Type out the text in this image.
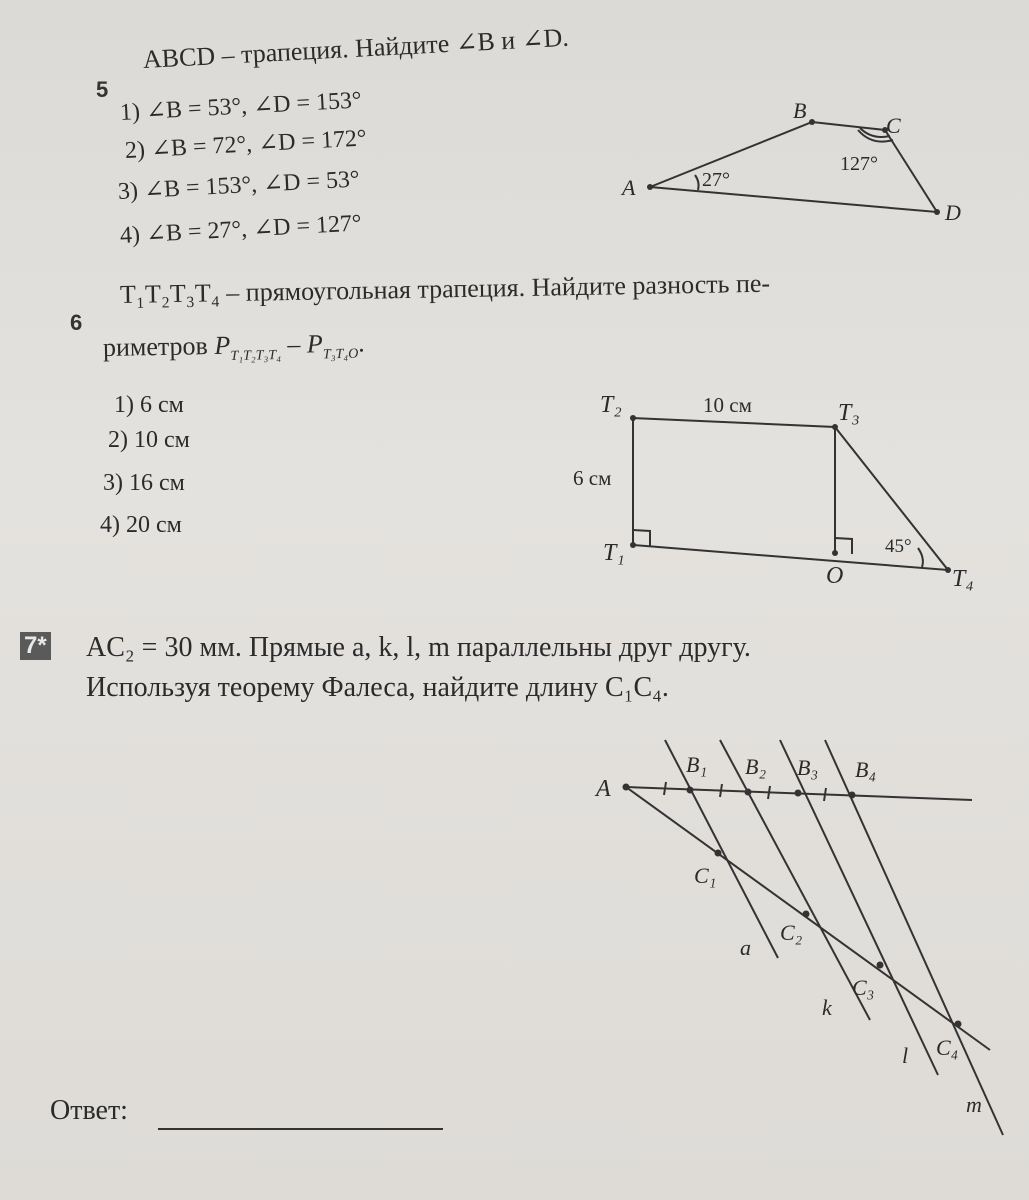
5
ABCD – трапеция. Найдите ∠B и ∠D.
1) ∠B = 53°, ∠D = 153°
2) ∠B = 72°, ∠D = 172°
3) ∠B = 153°, ∠D = 53°
4) ∠B = 27°, ∠D = 127°
6
T₁T₂T₃T₄ – прямоугольная трапеция. Найдите разность пе-
риметров $P_{T_1T_2T_3T_4} - P_{T_3T_4O}$.
1) 6 см
2) 10 см
3) 16 см
4) 20 см
7* AC₂ = 30 мм. Прямые a, k, l, m параллельны друг другу.
Используя теорему Фалеса, найдите длину C₁C₄.
Ответ:
A
B
C
D
27°
127°
T₂	T₃
T₄
T₁
O
10 см
6 см
45°
A
B₁ B₂ B₃ B₄
C₁
C₂
C₃
C₄
a
k
l
m
